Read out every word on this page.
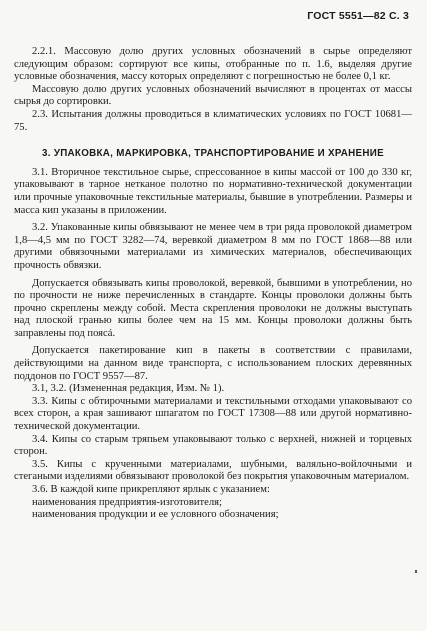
ГОСТ 5551—82 С. 3

2.2.1. Массовую долю других условных обозначений в сырье определяют следующим образом: сортируют все кипы, отобранные по п. 1.6, выделяя другие условные обозначения, массу которых определяют с погрешностью не более 0,1 кг.

Массовую долю других условных обозначений вычисляют в процентах от массы сырья до сортировки.

2.3. Испытания должны проводиться в климатических условиях по ГОСТ 10681—75.

3. УПАКОВКА, МАРКИРОВКА, ТРАНСПОРТИРОВАНИЕ И ХРАНЕНИЕ

3.1. Вторичное текстильное сырье, спрессованное в кипы массой от 100 до 330 кг, упаковывают в тарное нетканое полотно по нормативно-технической документации или прочные упаковочные текстильные материалы, бывшие в употреблении. Размеры и масса кип указаны в приложении.

3.2. Упакованные кипы обвязывают не менее чем в три ряда проволокой диаметром 1,8—4,5 мм по ГОСТ 3282—74, веревкой диаметром 8 мм по ГОСТ 1868—88 или другими обвязочными материалами из химических материалов, обеспечивающих прочность обвязки.

Допускается обвязывать кипы проволокой, веревкой, бывшими в употреблении, но по прочности не ниже перечисленных в стандарте. Концы проволоки должны быть прочно скреплены между собой. Места скрепления проволоки не должны выступать над плоской гранью кипы более чем на 15 мм. Концы проволоки должны быть заправлены под поясá.

Допускается пакетирование кип в пакеты в соответствии с правилами, действующими на данном виде транспорта, с использованием плоских деревянных поддонов по ГОСТ 9557—87.

3.1, 3.2. (Измененная редакция, Изм. № 1).

3.3. Кипы с обтирочными материалами и текстильными отходами упаковывают со всех сторон, а края зашивают шпагатом по ГОСТ 17308—88 или другой нормативно-технической документации.

3.4. Кипы со старым тряпьем упаковывают только с верхней, нижней и торцевых сторон.

3.5. Кипы с крученными материалами, шубными, валяльно-войлочными и стегаными изделиями обвязывают проволокой без покрытия упаковочным материалом.

3.6. В каждой кипе прикрепляют ярлык с указанием:

наименования предприятия-изготовителя;

наименования продукции и ее условного обозначения;
